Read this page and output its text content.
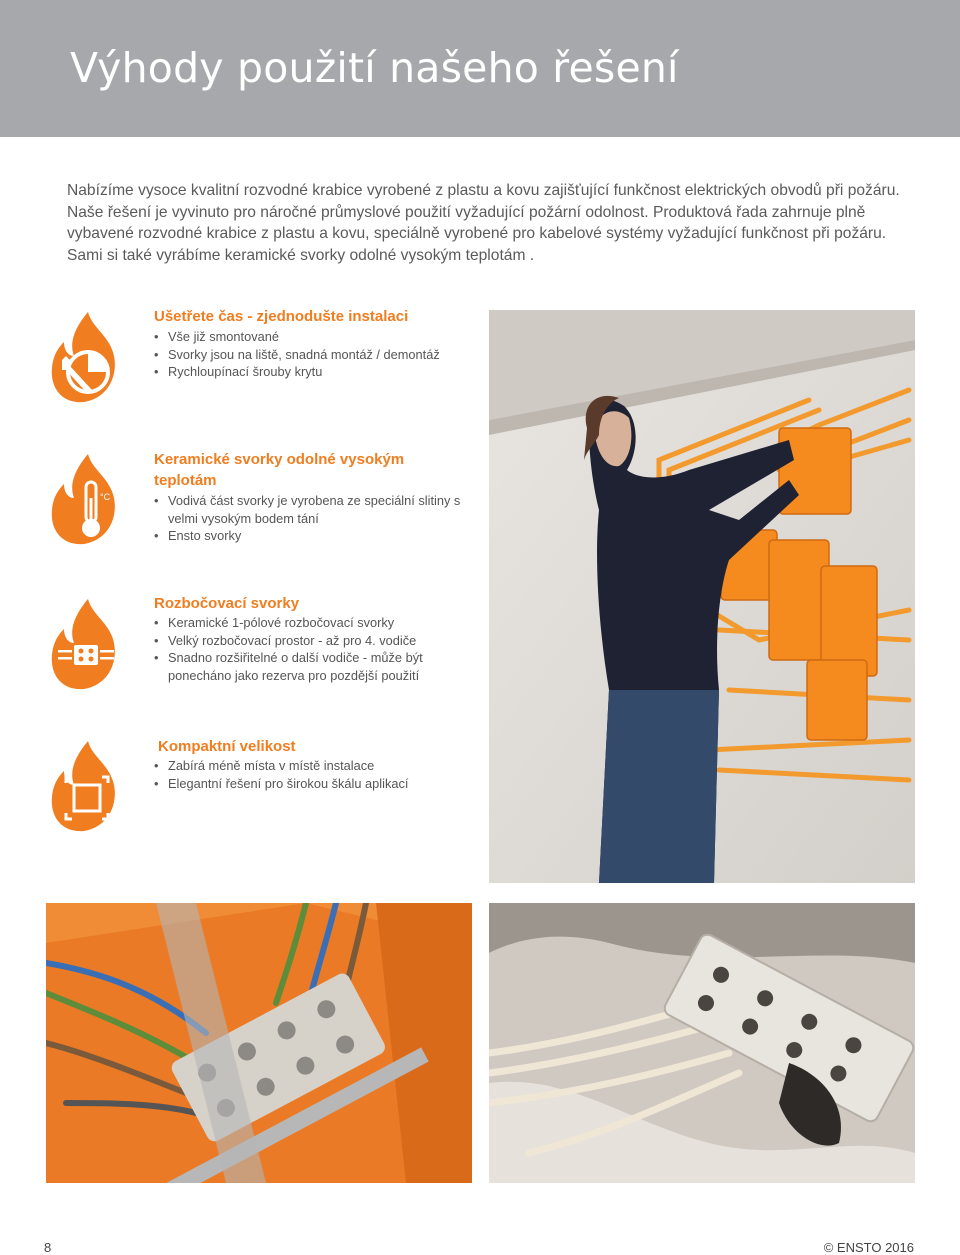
Výhody použití našeho řešení

Nabízíme vysoce kvalitní rozvodné krabice vyrobené z plastu a kovu zajišťující funkčnost elektrických obvodů při požáru. Naše řešení je vyvinuto pro náročné průmyslové použití vyžadující požární odolnost. Produktová řada zahrnuje plně vybavené rozvodné krabice z plastu a kovu, speciálně vyrobené pro kabelové systémy vyžadující funkčnost při požáru. Sami si také vyrábíme keramické svorky odolné vysokým teplotám .

Ušetřete čas - zjednodušte instalaci
• Vše již smontované
• Svorky jsou na liště, snadná montáž / demontáž
• Rychloupínací šrouby krytu
°C
Keramické svorky odolné vysokým teplotám
• Vodivá část svorky je vyrobena ze speciální slitiny s velmi vysokým bodem tání
• Ensto svorky
Rozbočovací svorky
• Keramické 1-pólové rozbočovací svorky
• Velký rozbočovací prostor - až pro 4. vodiče
• Snadno rozšiřitelné o další vodiče - může být ponecháno jako rezerva pro pozdější použití
Kompaktní velikost
• Zabírá méně místa v místě instalace
• Elegantní řešení pro širokou škálu aplikací
8	© ENSTO 2016
